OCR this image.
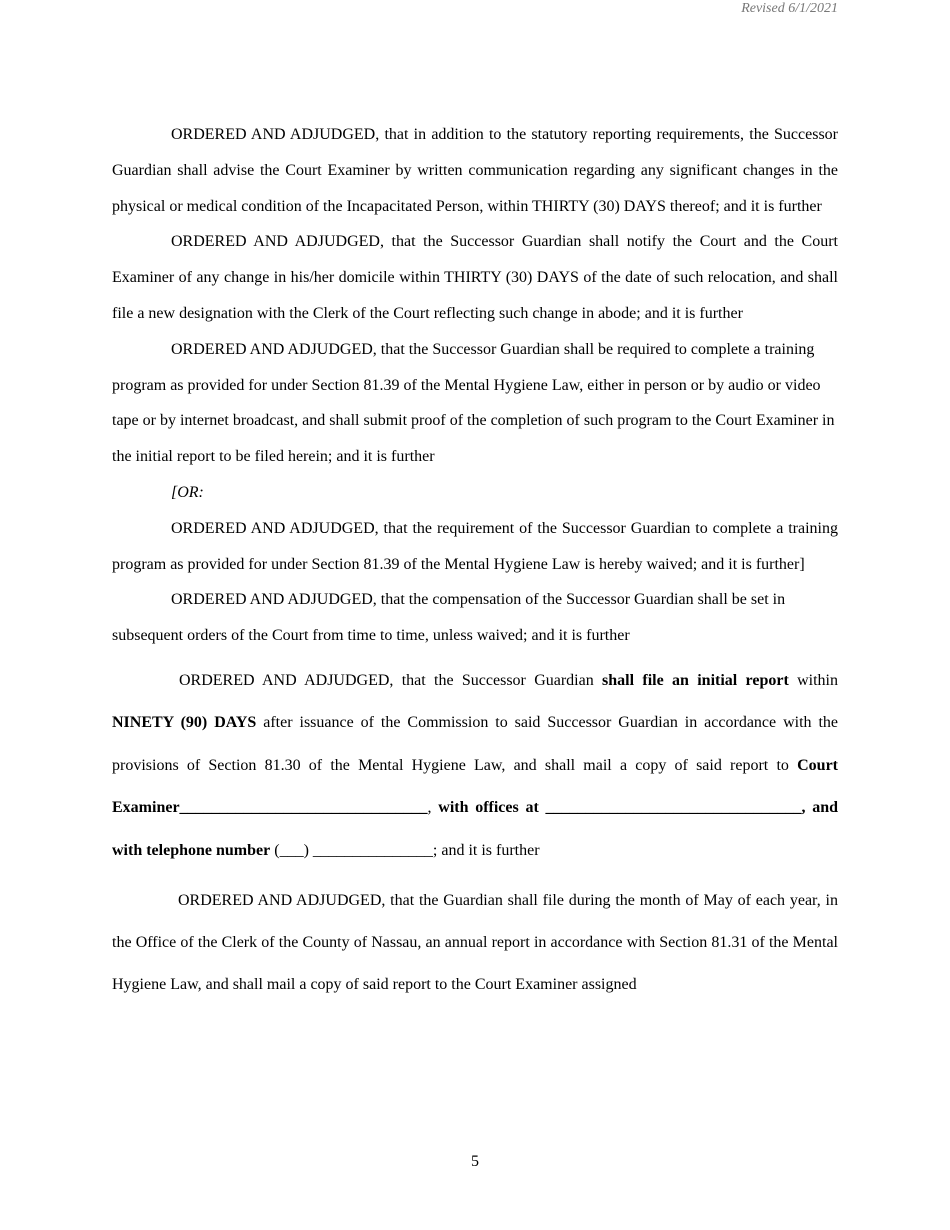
Revised 6/1/2021

ORDERED AND ADJUDGED, that in addition to the statutory reporting requirements, the Successor Guardian shall advise the Court Examiner by written communication regarding any significant changes in the physical or medical condition of the Incapacitated Person, within THIRTY (30) DAYS thereof; and it is further

ORDERED AND ADJUDGED, that the Successor Guardian shall notify the Court and the Court Examiner of any change in his/her domicile within THIRTY (30) DAYS of the date of such relocation, and shall file a new designation with the Clerk of the Court reflecting such change in abode; and it is further

ORDERED AND ADJUDGED, that the Successor Guardian shall be required to complete a training program as provided for under Section 81.39 of the Mental Hygiene Law, either in person or by audio or video tape or by internet broadcast, and shall submit proof of the completion of such program to the Court Examiner in the initial report to be filed herein; and it is further

[OR:

ORDERED AND ADJUDGED, that the requirement of the Successor Guardian to complete a training program as provided for under Section 81.39 of the Mental Hygiene Law is hereby waived; and it is further]

ORDERED AND ADJUDGED, that the compensation of the Successor Guardian shall be set in subsequent orders of the Court from time to time, unless waived; and it is further

ORDERED AND ADJUDGED, that the Successor Guardian shall file an initial report within NINETY (90) DAYS after issuance of the Commission to said Successor Guardian in accordance with the provisions of Section 81.30 of the Mental Hygiene Law, and shall mail a copy of said report to Court Examiner_______________________________, with offices at ________________________________, and with telephone number (___) _______________; and it is further

ORDERED AND ADJUDGED, that the Guardian shall file during the month of May of each year, in the Office of the Clerk of the County of Nassau, an annual report in accordance with Section 81.31 of the Mental Hygiene Law, and shall mail a copy of said report to the Court Examiner assigned

5
